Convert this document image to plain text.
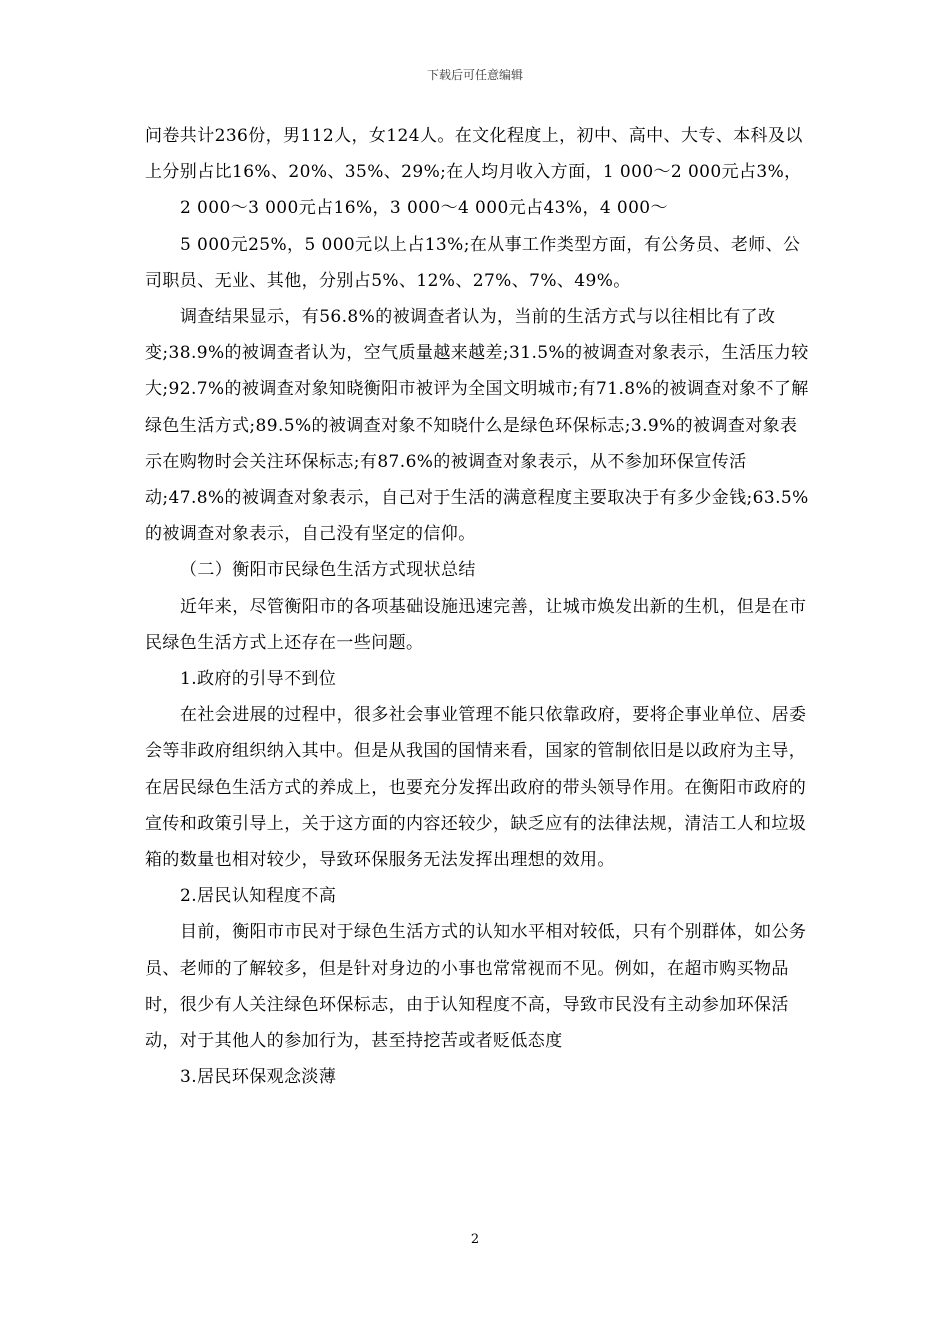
下载后可任意编辑

问卷共计236份，男112人，女124人。在文化程度上，初中、高中、大专、本科及以上分别占比16%、20%、35%、29%;在人均月收入方面，1 000～2 000元占3%，

2 000～3 000元占16%，3 000～4 000元占43%，4 000～

5 000元25%，5 000元以上占13%;在从事工作类型方面，有公务员、老师、公司职员、无业、其他，分别占5%、12%、27%、7%、49%。

调查结果显示，有56.8%的被调查者认为，当前的生活方式与以往相比有了改变;38.9%的被调查者认为，空气质量越来越差;31.5%的被调查对象表示，生活压力较大;92.7%的被调查对象知晓衡阳市被评为全国文明城市;有71.8%的被调查对象不了解绿色生活方式;89.5%的被调查对象不知晓什么是绿色环保标志;3.9%的被调查对象表示在购物时会关注环保标志;有87.6%的被调查对象表示，从不参加环保宣传活动;47.8%的被调查对象表示，自己对于生活的满意程度主要取决于有多少金钱;63.5%的被调查对象表示，自己没有坚定的信仰。

（二）衡阳市民绿色生活方式现状总结

近年来，尽管衡阳市的各项基础设施迅速完善，让城市焕发出新的生机，但是在市民绿色生活方式上还存在一些问题。

1.政府的引导不到位

在社会进展的过程中，很多社会事业管理不能只依靠政府，要将企事业单位、居委会等非政府组织纳入其中。但是从我国的国情来看，国家的管制依旧是以政府为主导，在居民绿色生活方式的养成上，也要充分发挥出政府的带头领导作用。在衡阳市政府的宣传和政策引导上，关于这方面的内容还较少，缺乏应有的法律法规，清洁工人和垃圾箱的数量也相对较少，导致环保服务无法发挥出理想的效用。

2.居民认知程度不高

目前，衡阳市市民对于绿色生活方式的认知水平相对较低，只有个别群体，如公务员、老师的了解较多，但是针对身边的小事也常常视而不见。例如，在超市购买物品时，很少有人关注绿色环保标志，由于认知程度不高，导致市民没有主动参加环保活动，对于其他人的参加行为，甚至持挖苦或者贬低态度

3.居民环保观念淡薄

2
